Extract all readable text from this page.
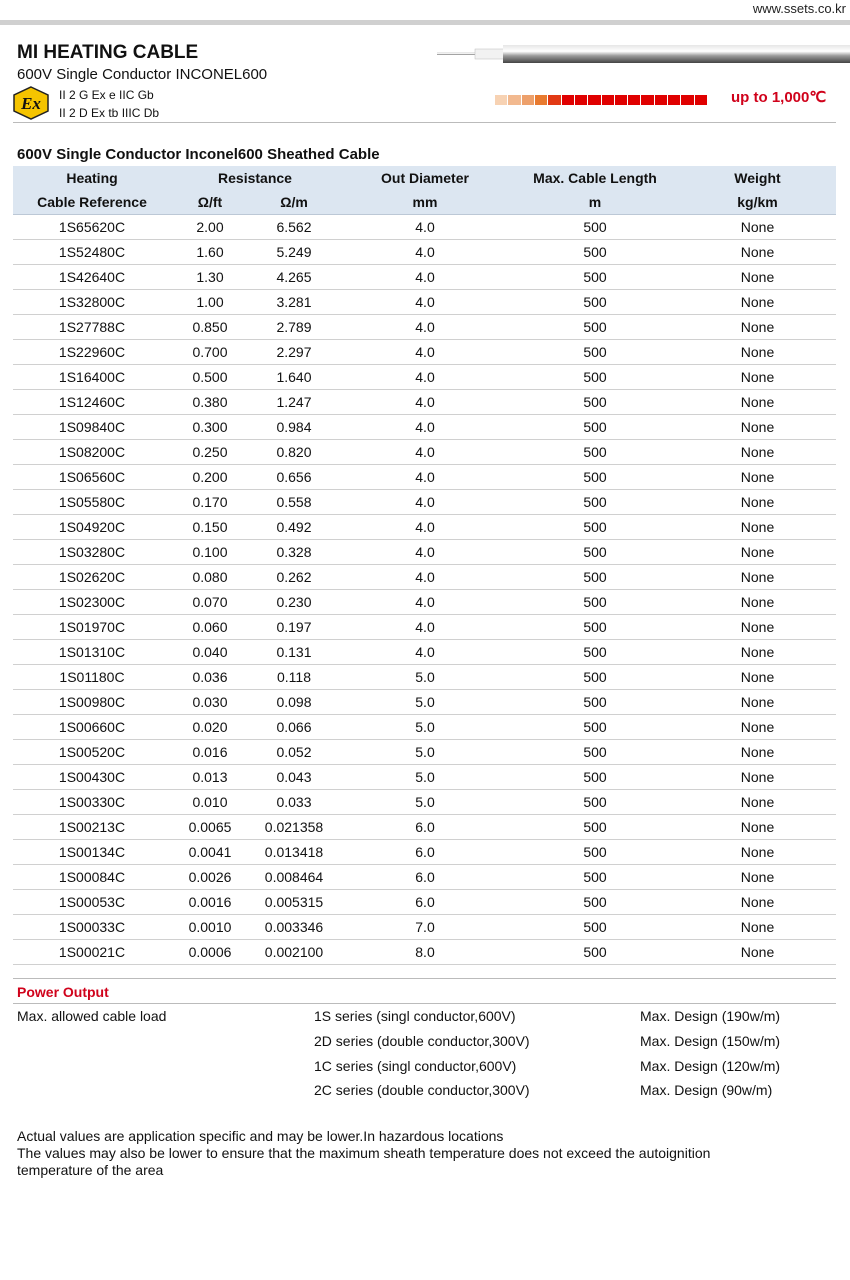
www.ssets.co.kr
MI HEATING CABLE
600V Single Conductor INCONEL600
Ex II 2 G Ex e IIC Gb
II 2 D Ex tb IIIC Db
up to 1,000℃
600V Single Conductor Inconel600 Sheathed Cable
Heating	Resistance		Out Diameter	Max. Cable Length	Weight
Cable Reference	Ω/ft	Ω/m	mm	m	kg/km
1S65620C	2.00	6.562	4.0	500	None
1S52480C	1.60	5.249	4.0	500	None
1S42640C	1.30	4.265	4.0	500	None
1S32800C	1.00	3.281	4.0	500	None
1S27788C	0.850	2.789	4.0	500	None
1S22960C	0.700	2.297	4.0	500	None
1S16400C	0.500	1.640	4.0	500	None
1S12460C	0.380	1.247	4.0	500	None
1S09840C	0.300	0.984	4.0	500	None
1S08200C	0.250	0.820	4.0	500	None
1S06560C	0.200	0.656	4.0	500	None
1S05580C	0.170	0.558	4.0	500	None
1S04920C	0.150	0.492	4.0	500	None
1S03280C	0.100	0.328	4.0	500	None
1S02620C	0.080	0.262	4.0	500	None
1S02300C	0.070	0.230	4.0	500	None
1S01970C	0.060	0.197	4.0	500	None
1S01310C	0.040	0.131	4.0	500	None
1S01180C	0.036	0.118	5.0	500	None
1S00980C	0.030	0.098	5.0	500	None
1S00660C	0.020	0.066	5.0	500	None
1S00520C	0.016	0.052	5.0	500	None
1S00430C	0.013	0.043	5.0	500	None
1S00330C	0.010	0.033	5.0	500	None
1S00213C	0.0065	0.021358	6.0	500	None
1S00134C	0.0041	0.013418	6.0	500	None
1S00084C	0.0026	0.008464	6.0	500	None
1S00053C	0.0016	0.005315	6.0	500	None
1S00033C	0.0010	0.003346	7.0	500	None
1S00021C	0.0006	0.002100	8.0	500	None
Power Output
Max. allowed cable load	1S series (singl conductor,600V)	Max. Design (190w/m)
2D series (double conductor,300V)	Max. Design (150w/m)
1C series (singl conductor,600V)	Max. Design (120w/m)
2C series (double conductor,300V)	Max. Design (90w/m)
Actual values are application specific and may be lower.In hazardous locations
The values may also be lower to ensure that the maximum sheath temperature does not exceed the autoignition
temperature of the area
